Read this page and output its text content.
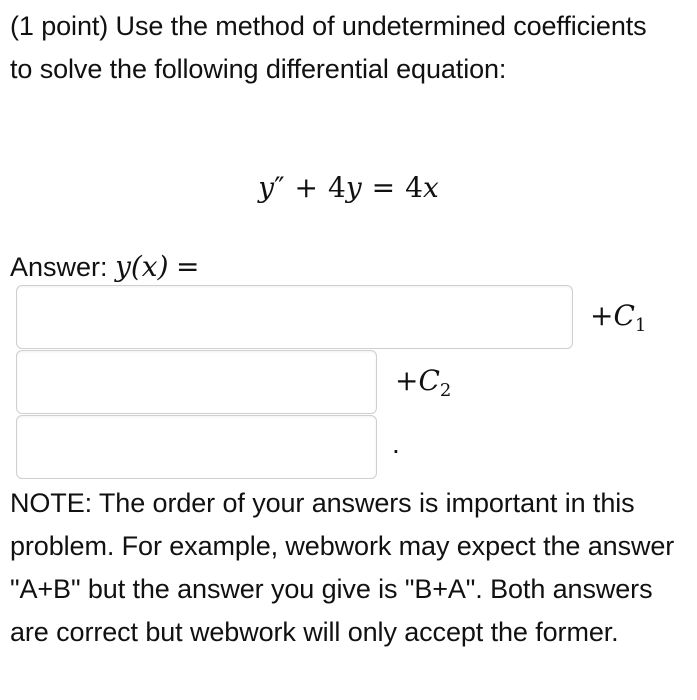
(1 point) Use the method of undetermined coefficients to solve the following differential equation:
y″ + 4y = 4x
Answer: y(x) =
$+C_1$
$+C_2$
.
NOTE: The order of your answers is important in this problem. For example, webwork may expect the answer "A+B" but the answer you give is "B+A". Both answers are correct but webwork will only accept the former.
